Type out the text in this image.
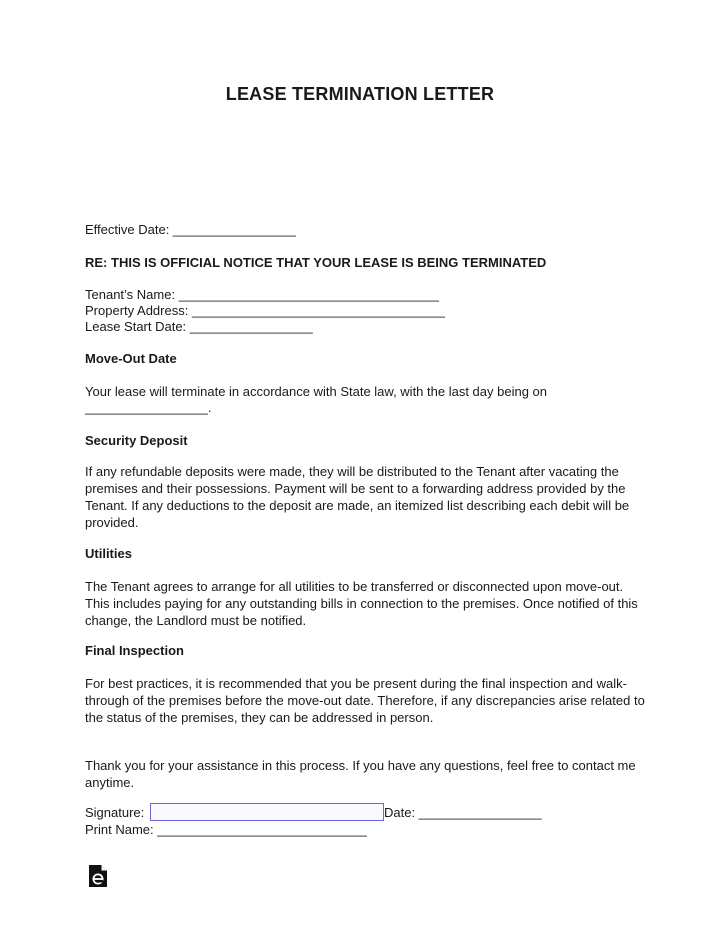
LEASE TERMINATION LETTER
Effective Date: _________________
RE: THIS IS OFFICIAL NOTICE THAT YOUR LEASE IS BEING TERMINATED
Tenant’s Name: ____________________________________
Property Address: ___________________________________
Lease Start Date: _________________
Move-Out Date
Your lease will terminate in accordance with State law, with the last day being on
_________________.
Security Deposit
If any refundable deposits were made, they will be distributed to the Tenant after vacating the premises and their possessions. Payment will be sent to a forwarding address provided by the Tenant. If any deductions to the deposit are made, an itemized list describing each debit will be provided.
Utilities
The Tenant agrees to arrange for all utilities to be transferred or disconnected upon move-out. This includes paying for any outstanding bills in connection to the premises. Once notified of this change, the Landlord must be notified.
Final Inspection
For best practices, it is recommended that you be present during the final inspection and walk-through of the premises before the move-out date. Therefore, if any discrepancies arise related to the status of the premises, they can be addressed in person.
Thank you for your assistance in this process. If you have any questions, feel free to contact me anytime.
Signature:	Date: _________________
Print Name: _____________________________
